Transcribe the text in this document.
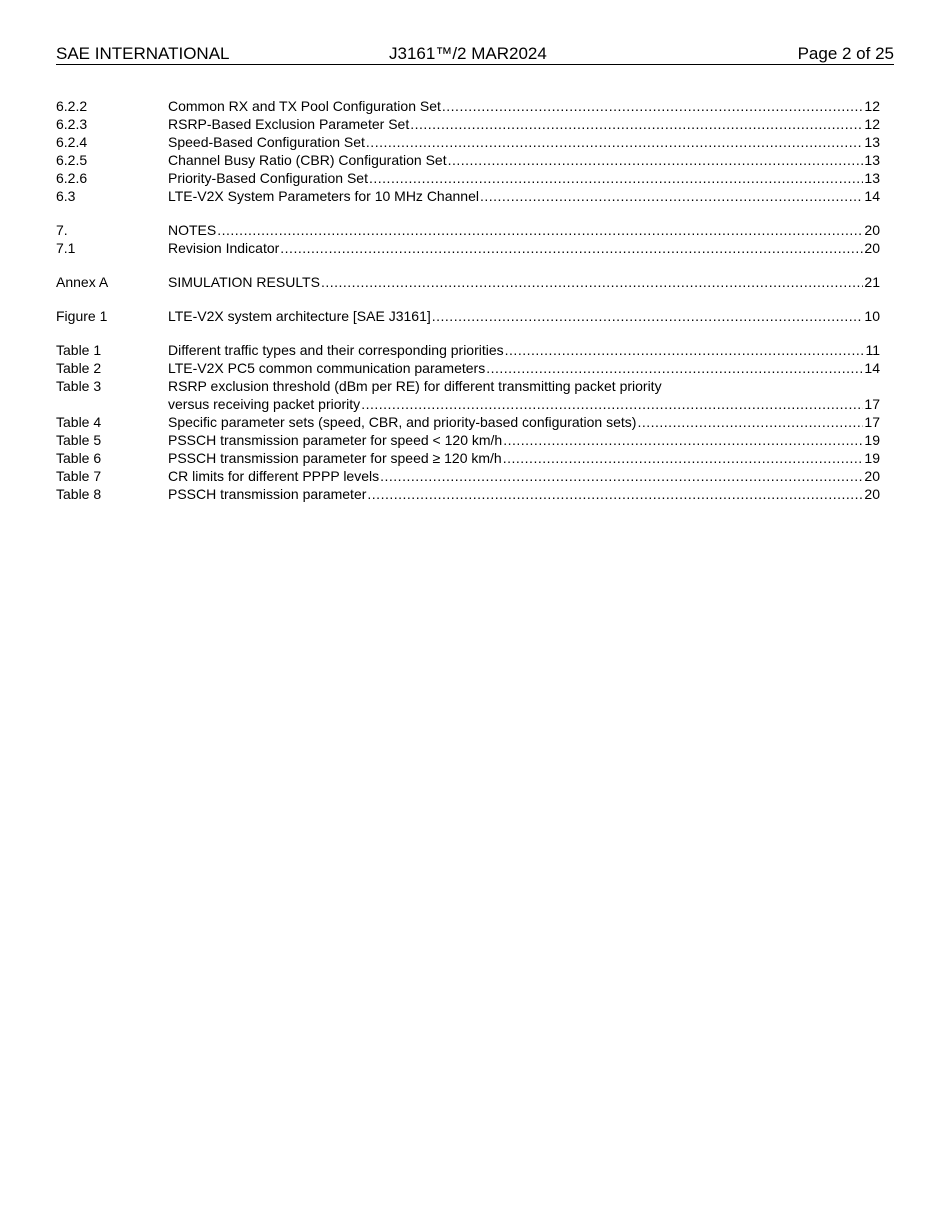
SAE INTERNATIONAL	J3161™/2 MAR2024	Page 2 of 25
6.2.2	Common RX and TX Pool Configuration Set .....	12
6.2.3	RSRP-Based Exclusion Parameter Set .....	12
6.2.4	Speed-Based Configuration Set .....	13
6.2.5	Channel Busy Ratio (CBR) Configuration Set .....	13
6.2.6	Priority-Based Configuration Set .....	13
6.3	LTE-V2X System Parameters for 10 MHz Channel .....	14
7.	NOTES .....	20
7.1	Revision Indicator .....	20
Annex A	SIMULATION RESULTS .....	21
Figure 1	LTE-V2X system architecture [SAE J3161] .....	10
Table 1	Different traffic types and their corresponding priorities .....	11
Table 2	LTE-V2X PC5 common communication parameters .....	14
Table 3	RSRP exclusion threshold (dBm per RE) for different transmitting packet priority
versus receiving packet priority .....	17
Table 4	Specific parameter sets (speed, CBR, and priority-based configuration sets) .....	17
Table 5	PSSCH transmission parameter for speed < 120 km/h .....	19
Table 6	PSSCH transmission parameter for speed ≥ 120 km/h .....	19
Table 7	CR limits for different PPPP levels .....	20
Table 8	PSSCH transmission parameter .....	20
